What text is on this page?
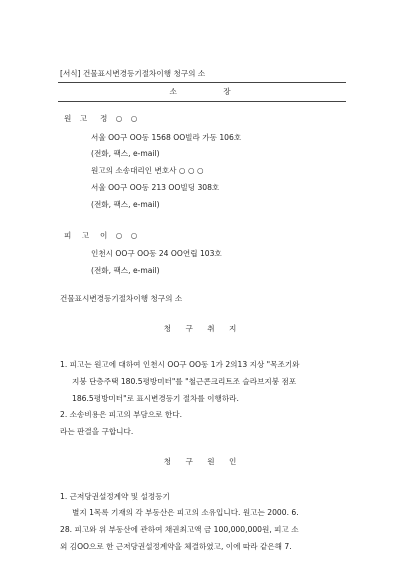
[서식] 건물표시변경등기절차이행 청구의 소
소 장
원 고 정 ○ ○
서울 OO구 OO동 1568 OO빌라 가동 106호
(전화, 팩스, e-mail)
원고의 소송대리인 변호사 ○ ○ ○
서울 OO구 OO동 213 OO빌딩 308호
(전화, 팩스, e-mail)
피 고 이 ○ ○
인천시 OO구 OO동 24 OO연립 103호
(전화, 팩스, e-mail)
건물표시변경등기절차이행 청구의 소
청 구 취 지
1. 피고는 원고에 대하여 인천시 OO구 OO동 1가 2의13 지상 "목조기와
지붕 단층주택 180.5평방미터"를 "철근콘크리트조 슬라브지붕 점포
186.5평방미터"로 표시변경등기 절차를 이행하라.
2. 소송비용은 피고의 부담으로 한다.
라는 판결을 구합니다.
청 구 원 인
1. 근저당권설정계약 및 설정등기
별지 1목록 기재의 각 부동산은 피고의 소유입니다. 원고는 2000. 6.
28. 피고와 위 부동산에 관하여 채권최고액 금 100,000,000원, 피고 소
외 김OO으로 한 근저당권설정계약을 체결하였고, 이에 따라 같은해 7.
